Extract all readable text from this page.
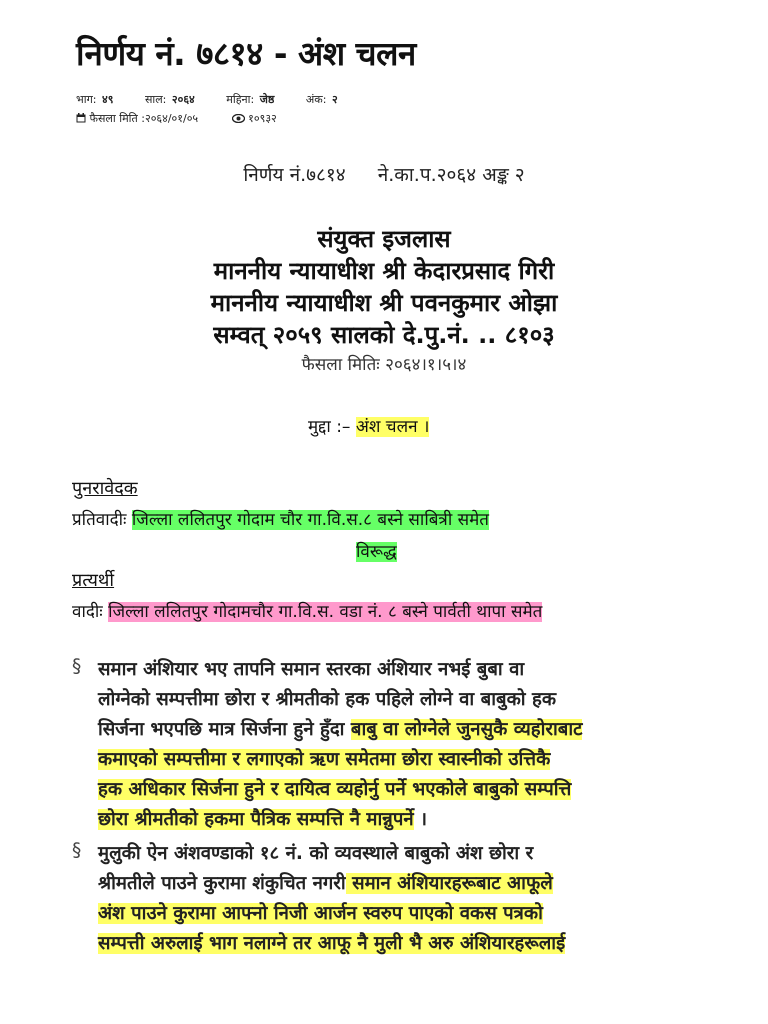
निर्णय नं. ७८१४ - अंश चलन
भाग: ४९	साल: २०६४	महिना: जेष्ठ	अंक: २
फैसला मिति :२०६४/०१/०५	१०९३२
निर्णय नं.७८१४ ने.का.प.२०६४ अङ्क २
संयुक्त इजलास
माननीय न्यायाधीश श्री केदारप्रसाद गिरी
माननीय न्यायाधीश श्री पवनकुमार ओझा
सम्वत् २०५९ सालको दे.पु.नं. .. ८१०३
फैसला मितिः २०६४।१।५।४
मुद्दा :– अंश चलन ।
पुनरावेदक
प्रतिवादीः जिल्ला ललितपुर गोदाम चौर गा.वि.स.८ बस्ने साबित्री समेत
विरूद्ध
प्रत्यर्थी
वादीः जिल्ला ललितपुर गोदामचौर गा.वि.स. वडा नं. ८ बस्ने पार्वती थापा समेत
§ समान अंशियार भए तापनि समान स्तरका अंशियार नभई बुबा वा
लोग्नेको सम्पत्तीमा छोरा र श्रीमतीको हक पहिले लोग्ने वा बाबुको हक
सिर्जना भएपछि मात्र सिर्जना हुने हुँदा बाबु वा लोग्नेले जुनसुकै व्यहोराबाट
कमाएको सम्पत्तीमा र लगाएको ऋण समेतमा छोरा स्वास्नीको उत्तिकै
हक अधिकार सिर्जना हुने र दायित्व व्यहोर्नु पर्ने भएकोले बाबुको सम्पत्ति
छोरा श्रीमतीको हकमा पैत्रिक सम्पत्ति नै मान्नुपर्ने ।
§ मुलुकी ऐन अंशवण्डाको १८ नं. को व्यवस्थाले बाबुको अंश छोरा र
श्रीमतीले पाउने कुरामा शंकुचित नगरी समान अंशियारहरूबाट आफूले
अंश पाउने कुरामा आफ्नो निजी आर्जन स्वरुप पाएको वकस पत्रको
सम्पत्ती अरुलाई भाग नलाग्ने तर आफू नै मुली भै अरु अंशियारहरूलाई
